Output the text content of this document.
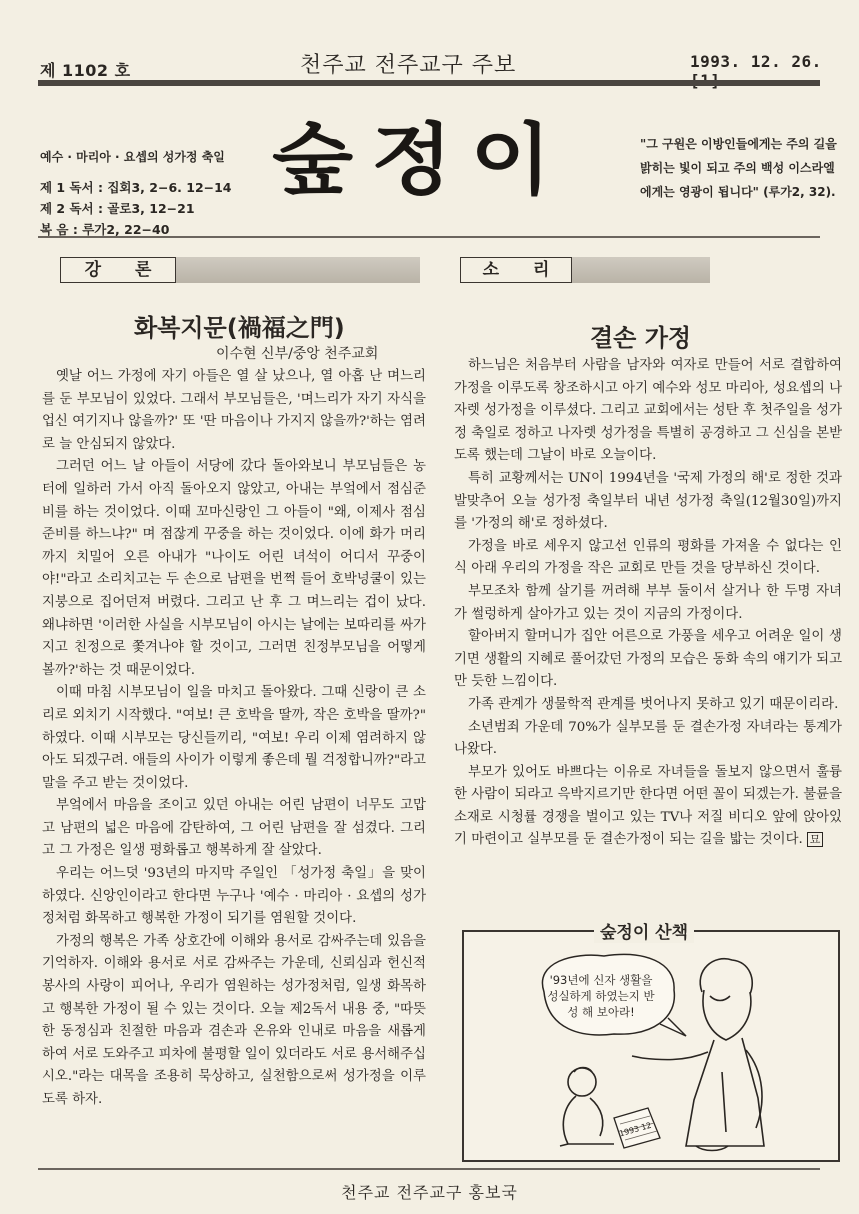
제 1102 호	천주교 전주교구 주보	1993. 12. 26. [1]
예수 · 마리아 · 요셉의 성가정 축일
제 1 독서 : 집회3, 2−6. 12−14
제 2 독서 : 골로3, 12−21
복 음 : 루가2, 22−40
숲정이	"그 구원은 이방인들에게는 주의 길을 밝히는 빛이 되고 주의 백성 이스라엘에게는 영광이 됩니다" (루가2, 32).
강 론
화복지문(禍福之門)
이수현 신부/중앙 천주교회

옛날 어느 가정에 자기 아들은 열 살 났으나, 열 아홉 난 며느리를 둔 부모님이 있었다. 그래서 부모님들은, '며느리가 자기 자식을 업신 여기지나 않을까?' 또 '딴 마음이나 가지지 않을까?'하는 염려로 늘 안심되지 않았다.

그러던 어느 날 아들이 서당에 갔다 돌아와보니 부모님들은 농터에 일하러 가서 아직 돌아오지 않았고, 아내는 부엌에서 점심준비를 하는 것이었다. 이때 꼬마신랑인 그 아들이 "왜, 이제사 점심준비를 하느냐?" 며 점잖게 꾸중을 하는 것이었다. 이에 화가 머리까지 치밀어 오른 아내가 "나이도 어린 녀석이 어디서 꾸중이야!"라고 소리치고는 두 손으로 남편을 번쩍 들어 호박넝쿨이 있는 지붕으로 집어던져 버렸다. 그리고 난 후 그 며느리는 겁이 났다. 왜냐하면 '이러한 사실을 시부모님이 아시는 날에는 보따리를 싸가지고 친정으로 쫓겨나야 할 것이고, 그러면 친정부모님을 어떻게 볼까?'하는 것 때문이었다.

이때 마침 시부모님이 일을 마치고 돌아왔다. 그때 신랑이 큰 소리로 외치기 시작했다. "여보! 큰 호박을 딸까, 작은 호박을 딸까?" 하였다. 이때 시부모는 당신들끼리, "여보! 우리 이제 염려하지 않아도 되겠구려. 애들의 사이가 이렇게 좋은데 뭘 걱정합니까?"라고 말을 주고 받는 것이었다.

부엌에서 마음을 조이고 있던 아내는 어린 남편이 너무도 고맙고 남편의 넓은 마음에 감탄하여, 그 어린 남편을 잘 섬겼다. 그리고 그 가정은 일생 평화롭고 행복하게 잘 살았다.

우리는 어느덧 '93년의 마지막 주일인 「성가정 축일」을 맞이하였다. 신앙인이라고 한다면 누구나 '예수 · 마리아 · 요셉의 성가정처럼 화목하고 행복한 가정이 되기를 염원할 것이다.

가정의 행복은 가족 상호간에 이해와 용서로 감싸주는데 있음을 기억하자. 이해와 용서로 서로 감싸주는 가운데, 신뢰심과 헌신적 봉사의 사랑이 피어나, 우리가 염원하는 성가정처럼, 일생 화목하고 행복한 가정이 될 수 있는 것이다. 오늘 제2독서 내용 중, "따뜻한 동정심과 친절한 마음과 겸손과 온유와 인내로 마음을 새롭게 하여 서로 도와주고 피차에 불평할 일이 있더라도 서로 용서해주십시오."라는 대목을 조용히 묵상하고, 실천함으로써 성가정을 이루도록 하자.

소 리
결손 가정

하느님은 처음부터 사람을 남자와 여자로 만들어 서로 결합하여 가정을 이루도록 창조하시고 아기 예수와 성모 마리아, 성요셉의 나자렛 성가정을 이루셨다. 그리고 교회에서는 성탄 후 첫주일을 성가정 축일로 정하고 나자렛 성가정을 특별히 공경하고 그 신심을 본받도록 했는데 그날이 바로 오늘이다.

특히 교황께서는 UN이 1994년을 '국제 가정의 해'로 정한 것과 발맞추어 오늘 성가정 축일부터 내년 성가정 축일(12월30일)까지를 '가정의 해'로 정하셨다.

가정을 바로 세우지 않고선 인류의 평화를 가져올 수 없다는 인식 아래 우리의 가정을 작은 교회로 만들 것을 당부하신 것이다.

부모조차 함께 살기를 꺼려해 부부 둘이서 살거나 한 두명 자녀가 썰렁하게 살아가고 있는 것이 지금의 가정이다.

할아버지 할머니가 집안 어른으로 가풍을 세우고 어려운 일이 생기면 생활의 지혜로 풀어갔던 가정의 모습은 동화 속의 얘기가 되고 만 듯한 느낌이다.

가족 관계가 생물학적 관계를 벗어나지 못하고 있기 때문이리라.

소년범죄 가운데 70%가 실부모를 둔 결손가정 자녀라는 통계가 나왔다.

부모가 있어도 바쁘다는 이유로 자녀들을 돌보지 않으면서 훌륭한 사람이 되라고 윽박지르기만 한다면 어떤 꼴이 되겠는가. 불륜을 소재로 시청률 경쟁을 벌이고 있는 TV나 저질 비디오 앞에 앉아있기 마련이고 실부모를 둔 결손가정이 되는 길을 밟는 것이다. 묘

숲정이 산책
1993 12
'93년에 신자 생활을 성실하게 하였는지 반성 해 보아라!
천주교 전주교구 홍보국
